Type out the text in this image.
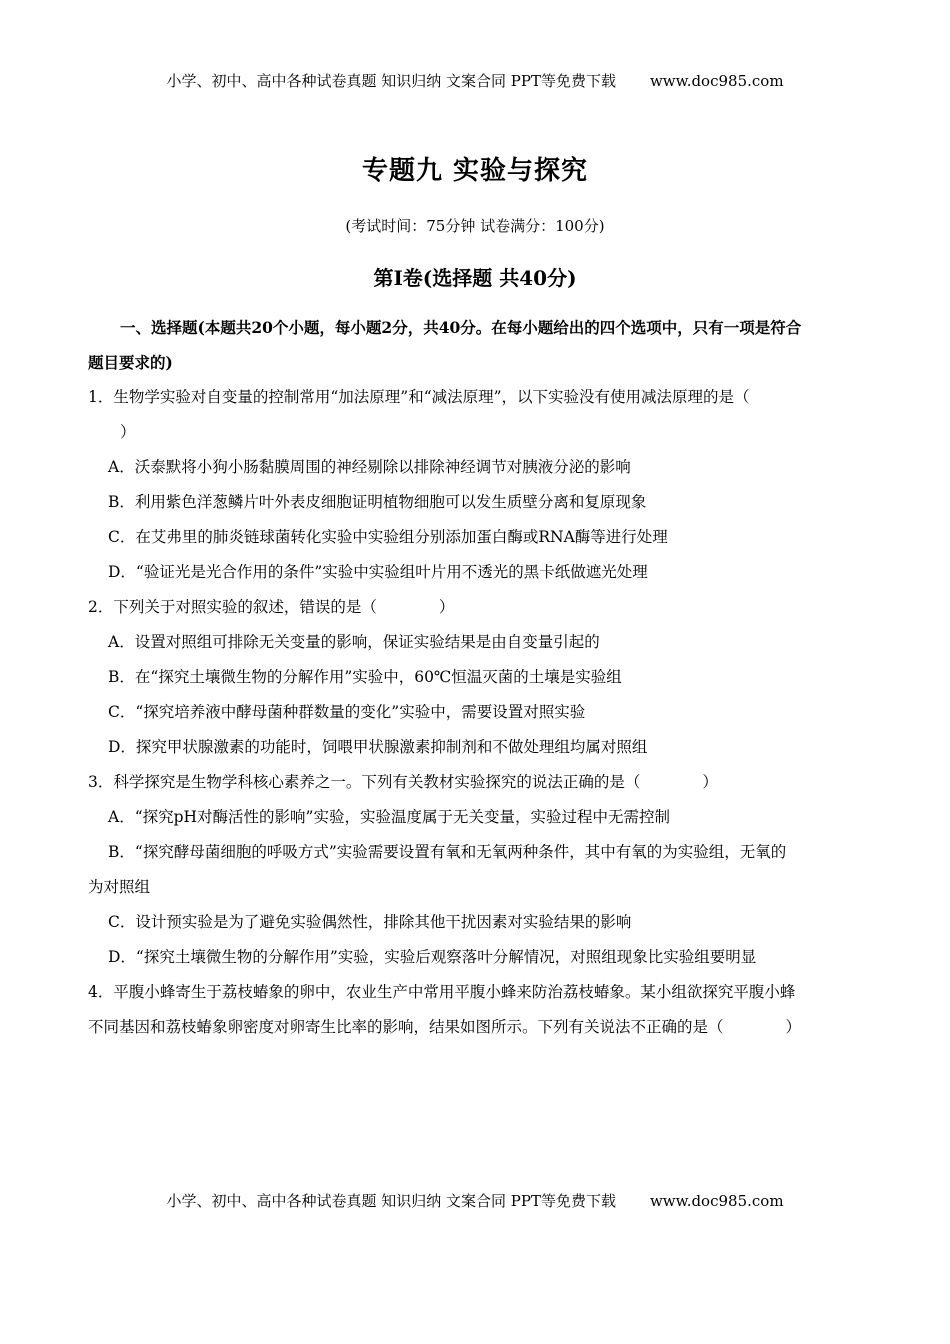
小学、初中、高中各种试卷真题 知识归纳 文案合同 PPT等免费下载 www.doc985.com
专题九 实验与探究
(考试时间：75分钟 试卷满分：100分)
第Ⅰ卷(选择题 共40分)
一、选择题(本题共20个小题，每小题2分，共40分。在每小题给出的四个选项中，只有一项是符合
题目要求的)
1．生物学实验对自变量的控制常用“加法原理”和“减法原理”，以下实验没有使用减法原理的是（
）
A．沃泰默将小狗小肠黏膜周围的神经剔除以排除神经调节对胰液分泌的影响
B．利用紫色洋葱鳞片叶外表皮细胞证明植物细胞可以发生质壁分离和复原现象
C．在艾弗里的肺炎链球菌转化实验中实验组分别添加蛋白酶或RNA酶等进行处理
D．“验证光是光合作用的条件”实验中实验组叶片用不透光的黑卡纸做遮光处理
2．下列关于对照实验的叙述，错误的是（　　　　）
A．设置对照组可排除无关变量的影响，保证实验结果是由自变量引起的
B．在“探究土壤微生物的分解作用”实验中，60℃恒温灭菌的土壤是实验组
C．“探究培养液中酵母菌种群数量的变化”实验中，需要设置对照实验
D．探究甲状腺激素的功能时，饲喂甲状腺激素抑制剂和不做处理组均属对照组
3．科学探究是生物学科核心素养之一。下列有关教材实验探究的说法正确的是（　　　　）
A．“探究pH对酶活性的影响”实验，实验温度属于无关变量，实验过程中无需控制
B．“探究酵母菌细胞的呼吸方式”实验需要设置有氧和无氧两种条件，其中有氧的为实验组，无氧的
为对照组
C．设计预实验是为了避免实验偶然性，排除其他干扰因素对实验结果的影响
D．“探究土壤微生物的分解作用”实验，实验后观察落叶分解情况，对照组现象比实验组要明显
4．平腹小蜂寄生于荔枝蝽象的卵中，农业生产中常用平腹小蜂来防治荔枝蝽象。某小组欲探究平腹小蜂
不同基因和荔枝蝽象卵密度对卵寄生比率的影响，结果如图所示。下列有关说法不正确的是（　　　　）
小学、初中、高中各种试卷真题 知识归纳 文案合同 PPT等免费下载 www.doc985.com
